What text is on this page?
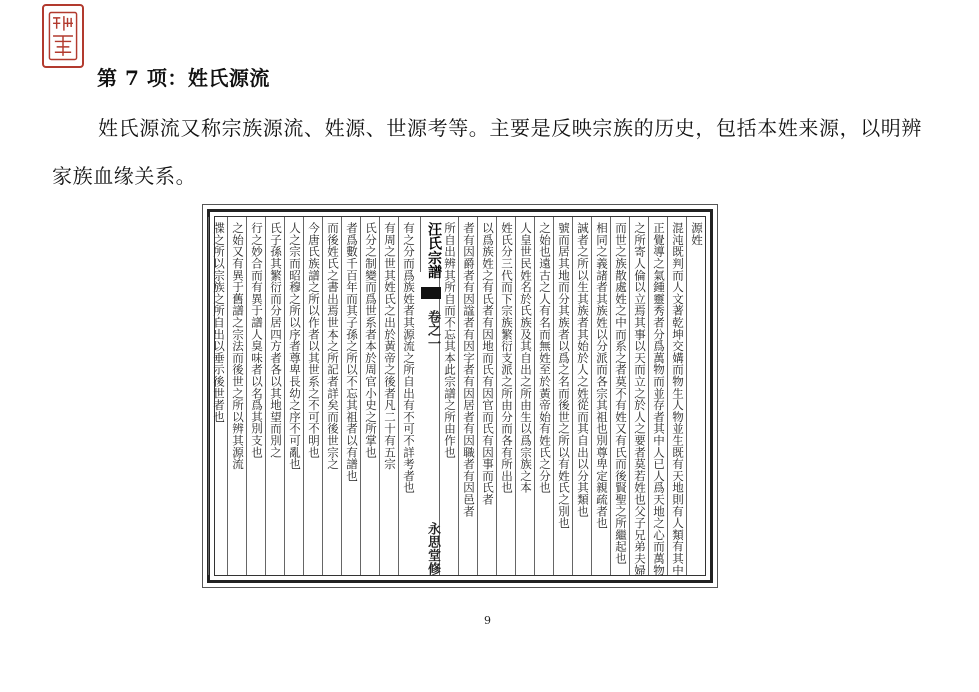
第 7 项：姓氏源流
姓氏源流又称宗族源流、姓源、世源考等。主要是反映宗族的历史，包括本姓来源，以明辨家族血缘关系。
源姓
混沌既判而人文著乾坤交媾而物生人物並生既有天地則有人類有其中
正覺導之氣鍾靈秀者分爲萬物而並存者其中人已人爲天地之心而萬物
之所寄人倫以立焉其事以天而立之於人之要者莫若姓也父子兄弟夫婦
而世之族散處姓之中而系之者莫不有姓又有氏而後賢聖之所繼起也
相同之義諸者其族姓以分派而各宗其祖也別尊卑定親疏者也
誠者之所以生其族者其始於人之姓從而其自出以分其類也
號而居其地而分其族者以爲之名而後世之所以有姓氏之別也
之始也遠古之人有名而無姓至於黃帝始有姓氏之分也
人皇世民姓名於氏族及其自出之所由生以爲宗族之本
姓氏分三代而下宗族繁衍支派之所由分而各有所出也
以爲族姓之有氏者有因地而氏有因官而氏有因事而氏者
者有因爵者有因諡者有因字者有因居者有因職者有因邑者
所自出辨其所自而不忘其本此宗譜之所由作也
汪氏宗譜
卷之一
永思堂修
有之分而爲族姓者其源流之所自出有不可不詳考者也
有周之世其姓氏之出於黃帝之後者凡二十有五宗
氏分之制變而爲世系者本於周官小史之所掌也
者爲數千百年而其子孫之所以不忘其祖者以有譜也
而後姓氏之書出焉世本之所記者詳矣而後世宗之
今唐氏族譜之所以作者以其世系之不可不明也
人之宗而昭穆之所以序者尊卑長幼之序不可亂也
氏子孫其繁衍而分居四方者各以其地望而別之
行之妙合而有異于譜人臭味者以名爲其別支也
之始又有異于舊譜之宗法而後世之所以辨其源流
牒之所以宗族之所自出以垂示後世者也
9
